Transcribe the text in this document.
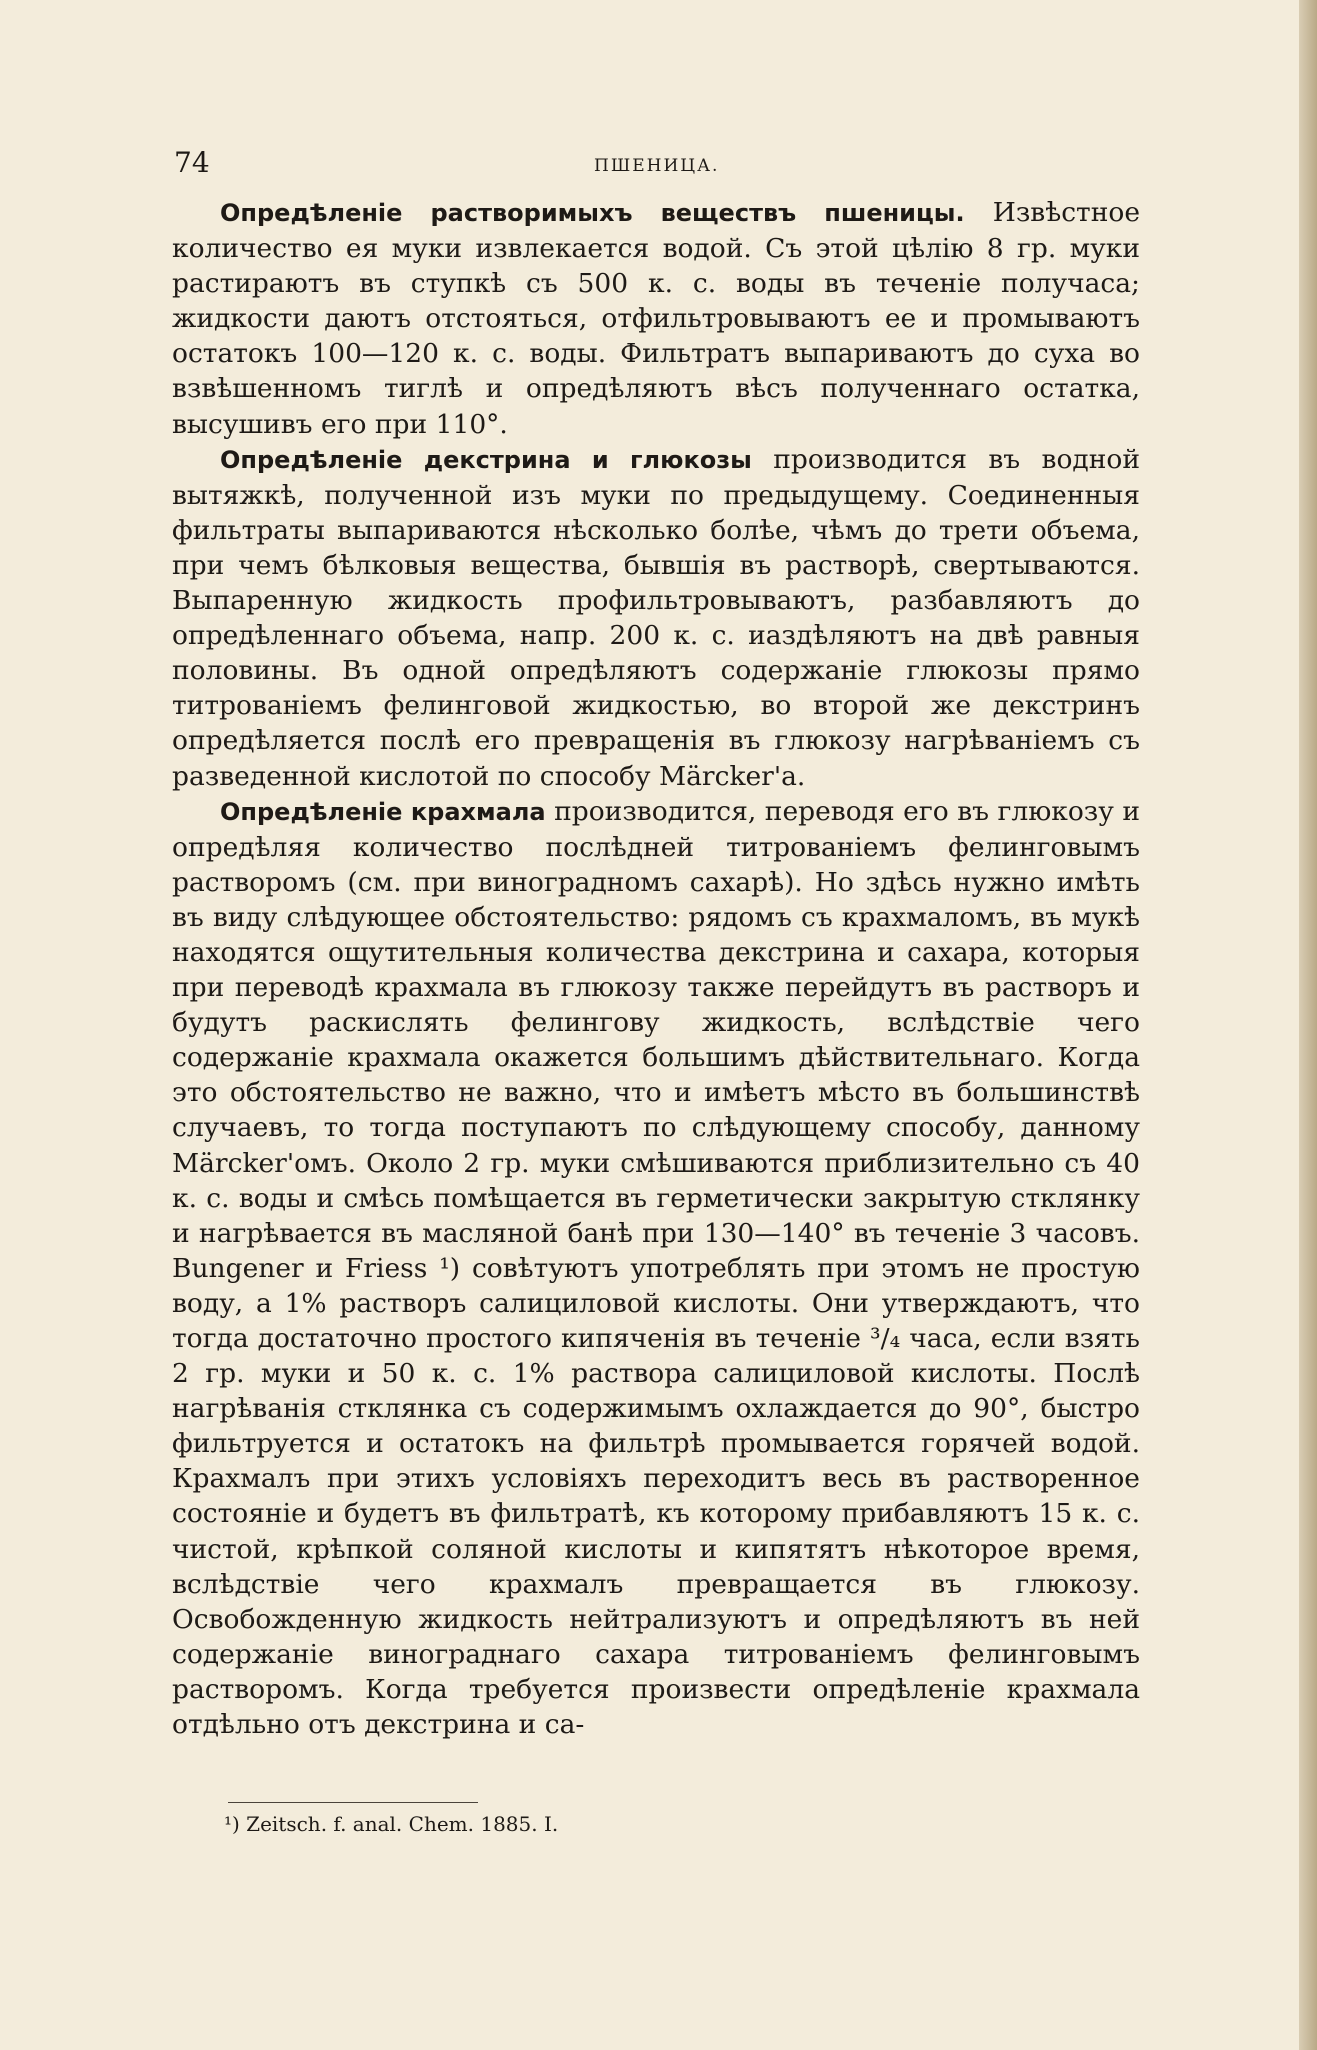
74	ПШЕНИЦА.

Опредѣленіе растворимыхъ веществъ пшеницы. Извѣстное количество ея муки извлекается водой. Съ этой цѣлію 8 гр. муки растираютъ въ ступкѣ съ 500 к. с. воды въ теченіе получаса; жидкости даютъ отстояться, отфильтровываютъ ее и промываютъ остатокъ 100—120 к. с. воды. Фильтратъ выпариваютъ до суха во взвѣшенномъ тиглѣ и опредѣляютъ вѣсъ полученнаго остатка, высушивъ его при 110°.

Опредѣленіе декстрина и глюкозы производится въ водной вытяжкѣ, полученной изъ муки по предыдущему. Соединенныя фильтраты выпариваются нѣсколько болѣе, чѣмъ до трети объема, при чемъ бѣлковыя вещества, бывшія въ растворѣ, свертываются. Выпаренную жидкость профильтровываютъ, разбавляютъ до опредѣленнаго объема, напр. 200 к. с. иаздѣляютъ на двѣ равныя половины. Въ одной опредѣляютъ содержаніе глюкозы прямо титрованіемъ фелинговой жидкостью, во второй же декстринъ опредѣляется послѣ его превращенія въ глюкозу нагрѣваніемъ съ разведенной кислотой по способу Märcker'a.

Опредѣленіе крахмала производится, переводя его въ глюкозу и опредѣляя количество послѣдней титрованіемъ фелинговымъ растворомъ (см. при виноградномъ сахарѣ). Но здѣсь нужно имѣть въ виду слѣдующее обстоятельство: рядомъ съ крахмаломъ, въ мукѣ находятся ощутительныя количества декстрина и сахара, которыя при переводѣ крахмала въ глюкозу также перейдутъ въ растворъ и будутъ раскислять фелингову жидкость, вслѣдствіе чего содержаніе крахмала окажется большимъ дѣйствительнаго. Когда это обстоятельство не важно, что и имѣетъ мѣсто въ большинствѣ случаевъ, то тогда поступаютъ по слѣдующему способу, данному Märcker'омъ. Около 2 гр. муки смѣшиваются приблизительно съ 40 к. с. воды и смѣсь помѣщается въ герметически закрытую стклянку и нагрѣвается въ масляной банѣ при 130—140° въ теченіе 3 часовъ. Bungener и Friess ¹) совѣтуютъ употреблять при этомъ не простую воду, а 1% растворъ салициловой кислоты. Они утверждаютъ, что тогда достаточно простого кипяченія въ теченіе ³/₄ часа, если взять 2 гр. муки и 50 к. с. 1% раствора салициловой кислоты. Послѣ нагрѣванія стклянка съ содержимымъ охлаждается до 90°, быстро фильтруется и остатокъ на фильтрѣ промывается горячей водой. Крахмалъ при этихъ условіяхъ переходитъ весь въ растворенное состояніе и будетъ въ фильтратѣ, къ которому прибавляютъ 15 к. с. чистой, крѣпкой соляной кислоты и кипятятъ нѣкоторое время, вслѣдствіе чего крахмалъ превращается въ глюкозу. Освобожденную жидкость нейтрализуютъ и опредѣляютъ въ ней содержаніе винограднаго сахара титрованіемъ фелинговымъ растворомъ. Когда требуется произвести опредѣленіе крахмала отдѣльно отъ декстрина и са-

¹) Zeitsch. f. anal. Chem. 1885. I.
